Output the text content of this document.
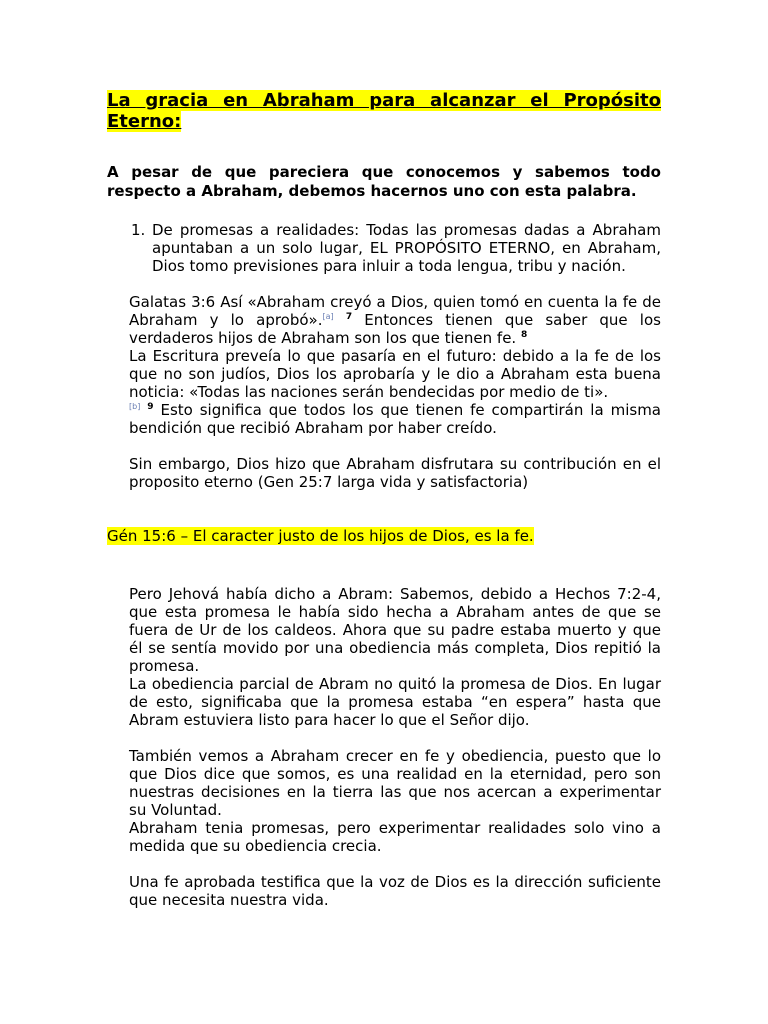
La gracia en Abraham para alcanzar el Propósito Eterno:

A pesar de que pareciera que conocemos y sabemos todo respecto a Abraham, debemos hacernos uno con esta palabra.

1. De promesas a realidades: Todas las promesas dadas a Abraham apuntaban a un solo lugar, EL PROPÓSITO ETERNO, en Abraham, Dios tomo previsiones para inluir a toda lengua, tribu y nación.
Galatas 3:6 Así «Abraham creyó a Dios, quien tomó en cuenta la fe de Abraham y lo aprobó».[a] $^7$ Entonces tienen que saber que los verdaderos hijos de Abraham son los que tienen fe. $^8$
La Escritura preveía lo que pasaría en el futuro: debido a la fe de los que no son judíos, Dios los aprobaría y le dio a Abraham esta buena noticia: «Todas las naciones serán bendecidas por medio de ti».
[b] $^9$ Esto significa que todos los que tienen fe compartirán la misma bendición que recibió Abraham por haber creído.

Sin embargo, Dios hizo que Abraham disfrutara su contribución en el proposito eterno (Gen 25:7 larga vida y satisfactoria)

Gén 15:6 – El caracter justo de los hijos de Dios, es la fe.

Pero Jehová había dicho a Abram: Sabemos, debido a Hechos 7:2-4, que esta promesa le había sido hecha a Abraham antes de que se fuera de Ur de los caldeos. Ahora que su padre estaba muerto y que él se sentía movido por una obediencia más completa, Dios repitió la promesa.
La obediencia parcial de Abram no quitó la promesa de Dios. En lugar de esto, significaba que la promesa estaba “en espera” hasta que Abram estuviera listo para hacer lo que el Señor dijo.
También vemos a Abraham crecer en fe y obediencia, puesto que lo que Dios dice que somos, es una realidad en la eternidad, pero son nuestras decisiones en la tierra las que nos acercan a experimentar su Voluntad.
Abraham tenia promesas, pero experimentar realidades solo vino a medida que su obediencia crecia.

Una fe aprobada testifica que la voz de Dios es la dirección suficiente que necesita nuestra vida.
